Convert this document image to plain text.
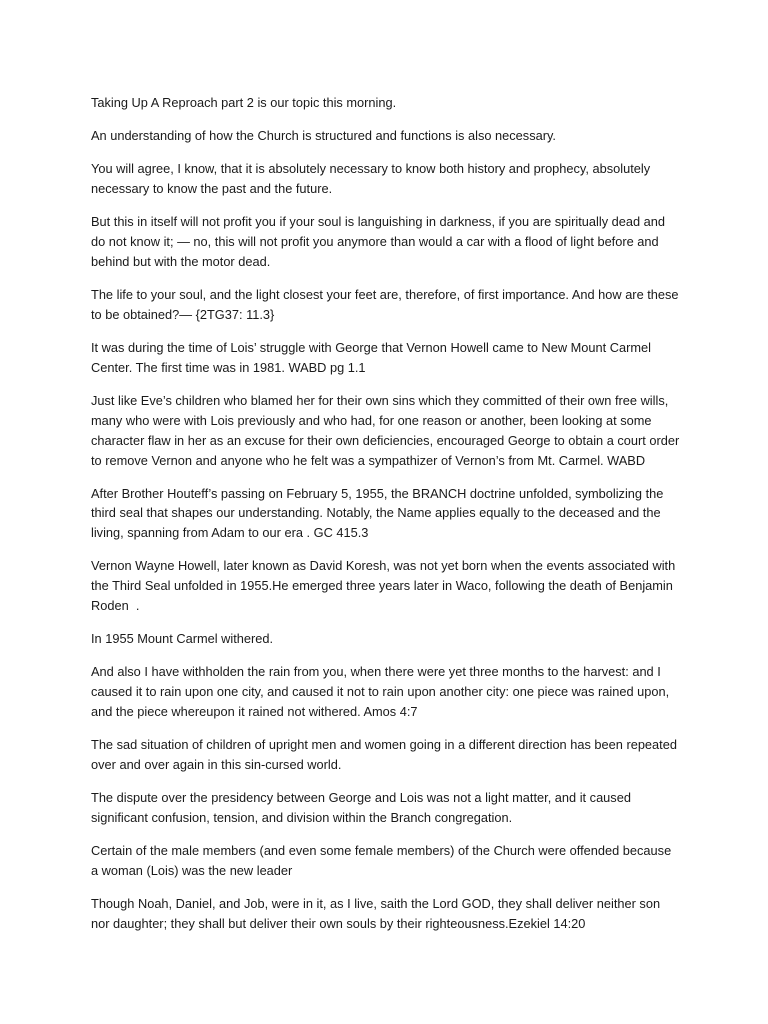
Taking Up A Reproach part 2 is our topic this morning.

An understanding of how the Church is structured and functions is also necessary.

You will agree, I know, that it is absolutely necessary to know both history and prophecy, absolutely necessary to know the past and the future.

But this in itself will not profit you if your soul is languishing in darkness, if you are spiritually dead and do not know it; — no, this will not profit you anymore than would a car with a flood of light before and behind but with the motor dead.

The life to your soul, and the light closest your feet are, therefore, of first importance. And how are these to be obtained?— {2TG37: 11.3}

It was during the time of Lois’ struggle with George that Vernon Howell came to New Mount Carmel Center. The first time was in 1981. WABD pg 1.1

Just like Eve’s children who blamed her for their own sins which they committed of their own free wills, many who were with Lois previously and who had, for one reason or another, been looking at some character flaw in her as an excuse for their own deficiencies, encouraged George to obtain a court order to remove Vernon and anyone who he felt was a sympathizer of Vernon’s from Mt. Carmel. WABD

After Brother Houteff’s passing on February 5, 1955, the BRANCH doctrine unfolded, symbolizing the third seal that shapes our understanding. Notably, the Name applies equally to the deceased and the living, spanning from Adam to our era . GC 415.3

Vernon Wayne Howell, later known as David Koresh, was not yet born when the events associated with the Third Seal unfolded in 1955.He emerged three years later in Waco, following the death of Benjamin Roden  .

In 1955 Mount Carmel withered.

And also I have withholden the rain from you, when there were yet three months to the harvest: and I caused it to rain upon one city, and caused it not to rain upon another city: one piece was rained upon, and the piece whereupon it rained not withered. Amos 4:7

The sad situation of children of upright men and women going in a different direction has been repeated over and over again in this sin-cursed world.

The dispute over the presidency between George and Lois was not a light matter, and it caused significant confusion, tension, and division within the Branch congregation.

Certain of the male members (and even some female members) of the Church were offended because a woman (Lois) was the new leader

Though Noah, Daniel, and Job, were in it, as I live, saith the Lord GOD, they shall deliver neither son nor daughter; they shall but deliver their own souls by their righteousness.Ezekiel 14:20
